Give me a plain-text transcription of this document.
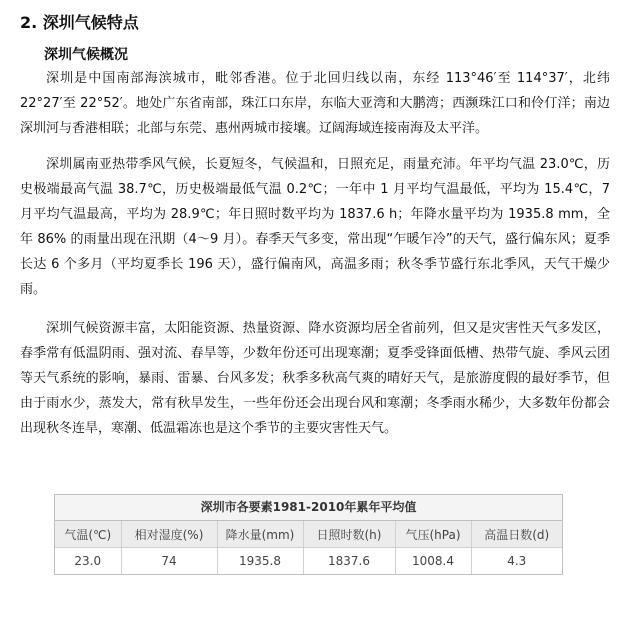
2. 深圳气候特点
深圳气候概况

深圳是中国南部海滨城市，毗邻香港。位于北回归线以南，东经 113°46′至 114°37′，北纬 22°27′至 22°52′。地处广东省南部，珠江口东岸，东临大亚湾和大鹏湾；西濒珠江口和伶仃洋；南边深圳河与香港相联；北部与东莞、惠州两城市接壤。辽阔海域连接南海及太平洋。

深圳属南亚热带季风气候，长夏短冬，气候温和，日照充足，雨量充沛。年平均气温 23.0℃，历史极端最高气温 38.7℃，历史极端最低气温 0.2℃；一年中 1 月平均气温最低，平均为 15.4℃，7 月平均气温最高，平均为 28.9℃；年日照时数平均为 1837.6 h；年降水量平均为 1935.8 mm，全年 86% 的雨量出现在汛期（4～9 月）。春季天气多变，常出现“乍暖乍冷”的天气，盛行偏东风；夏季长达 6 个多月（平均夏季长 196 天），盛行偏南风，高温多雨；秋冬季节盛行东北季风，天气干燥少雨。

深圳气候资源丰富，太阳能资源、热量资源、降水资源均居全省前列，但又是灾害性天气多发区，春季常有低温阴雨、强对流、春旱等，少数年份还可出现寒潮；夏季受锋面低槽、热带气旋、季风云团等天气系统的影响，暴雨、雷暴、台风多发；秋季多秋高气爽的晴好天气，是旅游度假的最好季节，但由于雨水少，蒸发大，常有秋旱发生，一些年份还会出现台风和寒潮；冬季雨水稀少，大多数年份都会出现秋冬连旱，寒潮、低温霜冻也是这个季节的主要灾害性天气。

深圳市各要素1981-2010年累年平均值
气温(℃)	相对湿度(%)	降水量(mm)	日照时数(h)	气压(hPa)	高温日数(d)
23.0	74	1935.8	1837.6	1008.4	4.3
